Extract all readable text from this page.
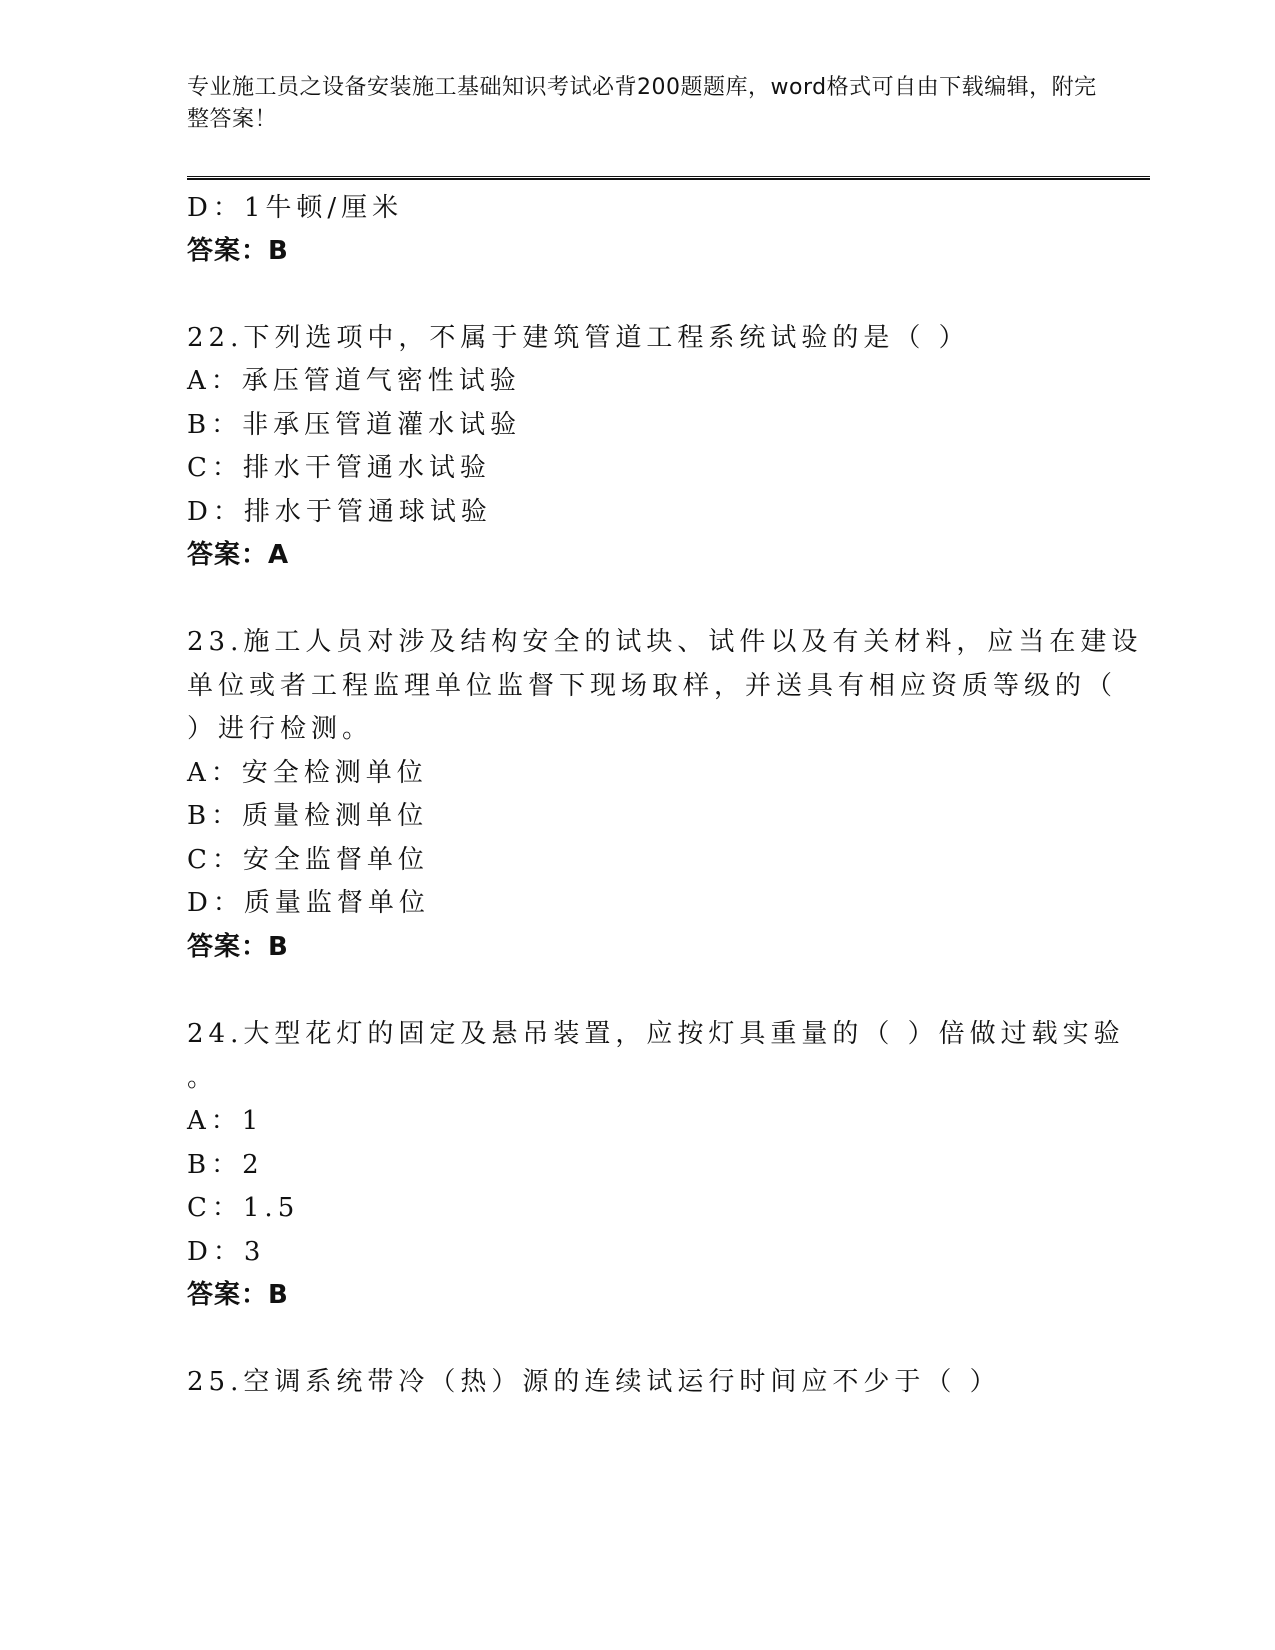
专业施工员之设备安装施工基础知识考试必背200题题库，word格式可自由下载编辑，附完整答案！
D：1牛顿/厘米
答案：B
22.下列选项中，不属于建筑管道工程系统试验的是（ ）
A：承压管道气密性试验
B：非承压管道灌水试验
C：排水干管通水试验
D：排水于管通球试验
答案：A
23.施工人员对涉及结构安全的试块、试件以及有关材料，应当在建设
单位或者工程监理单位监督下现场取样，并送具有相应资质等级的（
）进行检测。
A：安全检测单位
B：质量检测单位
C：安全监督单位
D：质量监督单位
答案：B
24.大型花灯的固定及悬吊装置，应按灯具重量的（ ）倍做过载实验
。
A：1
B：2
C：1.5
D：3
答案：B
25.空调系统带冷（热）源的连续试运行时间应不少于（ ）
